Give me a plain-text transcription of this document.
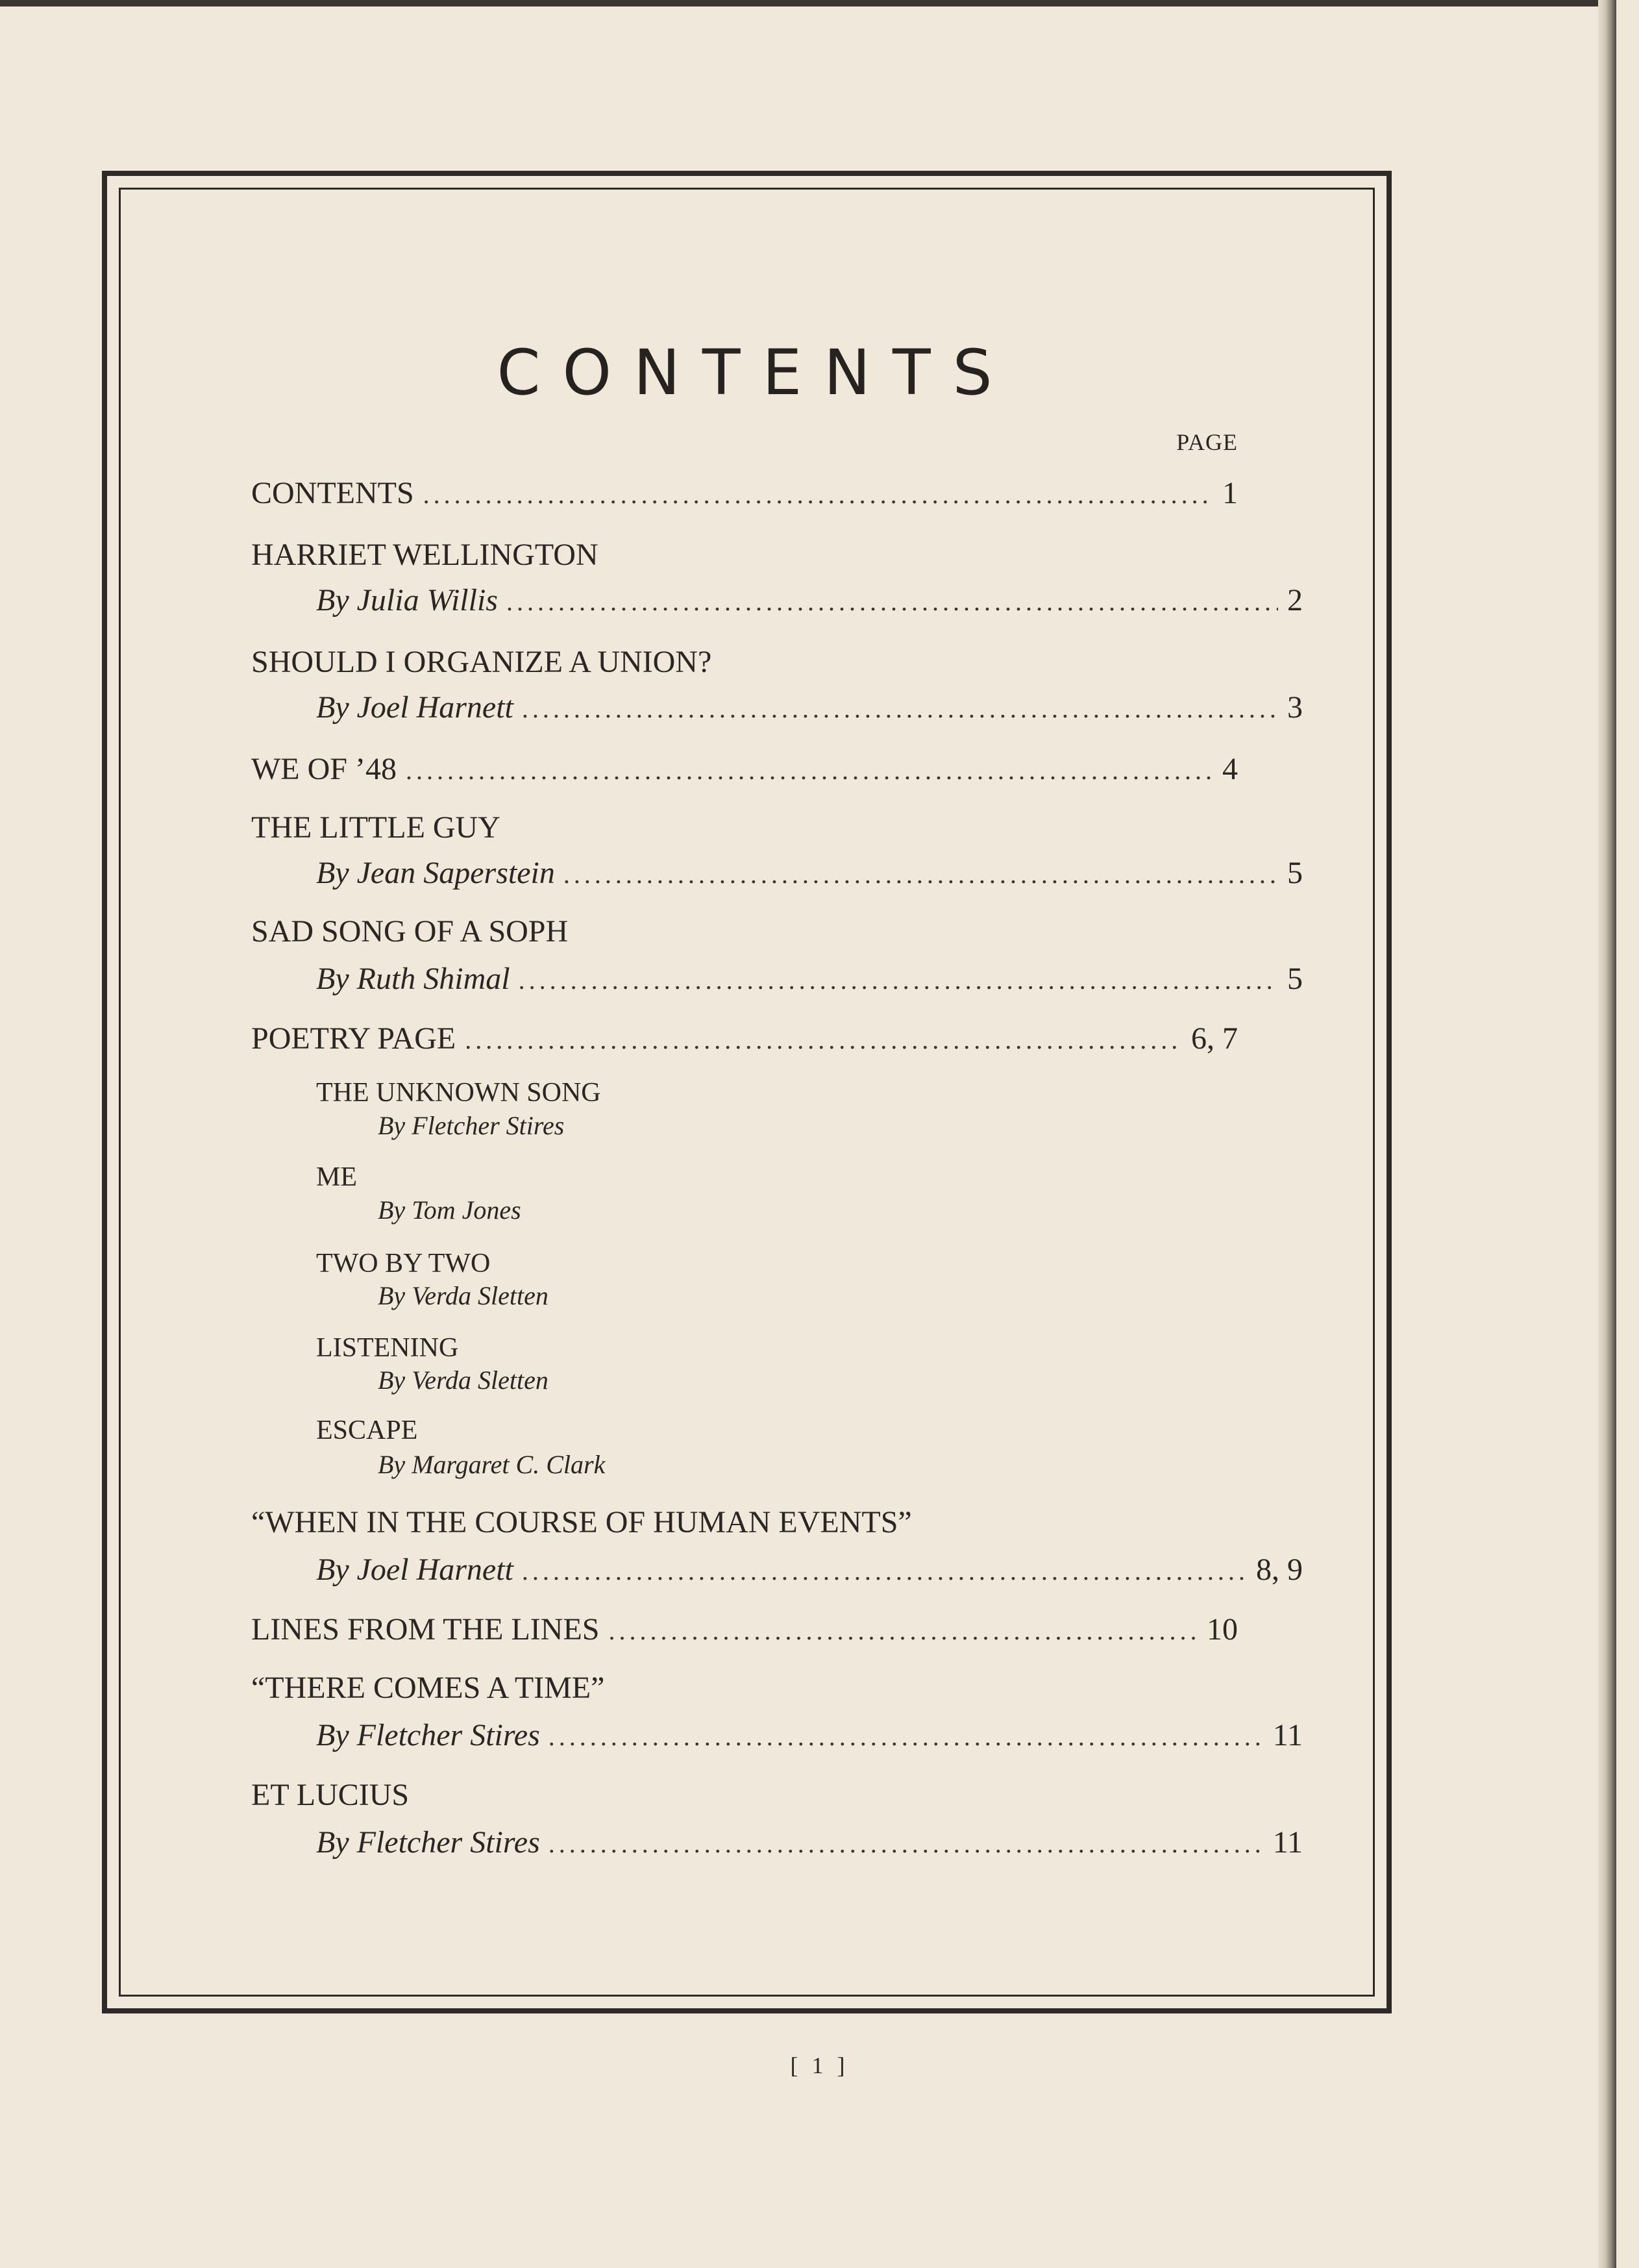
CONTENTS
PAGE
CONTENTS .....	1
HARRIET WELLINGTON
By Julia Willis .....	2
SHOULD I ORGANIZE A UNION?
By Joel Harnett .....	3
WE OF ’48 .....	4
THE LITTLE GUY
By Jean Saperstein .....	5
SAD SONG OF A SOPH
By Ruth Shimal .....	5
POETRY PAGE .....	6, 7
THE UNKNOWN SONG
By Fletcher Stires
ME
By Tom Jones
TWO BY TWO
By Verda Sletten
LISTENING
By Verda Sletten
ESCAPE
By Margaret C. Clark
“WHEN IN THE COURSE OF HUMAN EVENTS”
By Joel Harnett .....	8, 9
LINES FROM THE LINES .....	10
“THERE COMES A TIME”
By Fletcher Stires .....	11
ET LUCIUS
By Fletcher Stires .....	11
[ 1 ]
